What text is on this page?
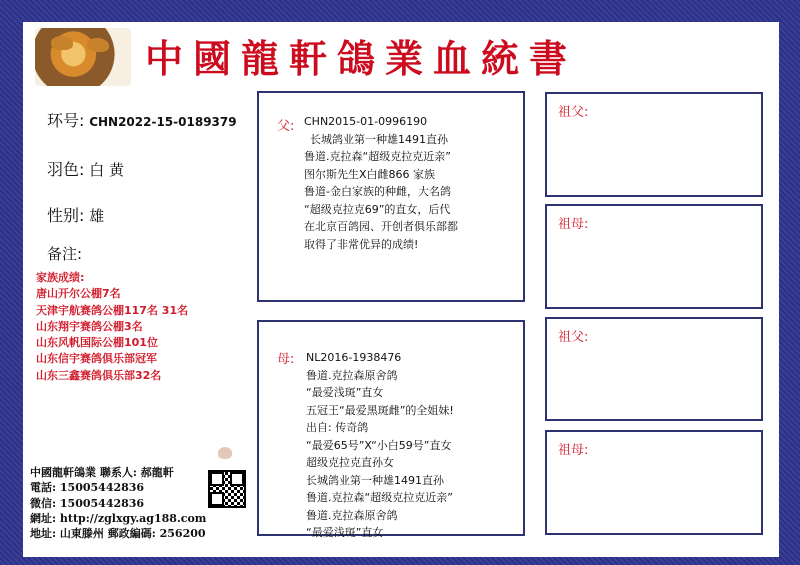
中國龍軒鴿業血統書
环号: CHN2022-15-0189379
羽色: 白 黄
性别: 雄
备注:
家族成绩:
唐山开尔公棚7名
天津宇航赛鸽公棚117名 31名
山东翔宇赛鸽公棚3名
山东风帆国际公棚101位
山东信宇赛鸽俱乐部冠军
山东三鑫赛鸽俱乐部32名
父: CHN2015-01-0996190
长城鸽业第一种雄1491直孙
鲁道.克拉森“超级克拉克近亲”
图尔斯先生X白雌866 家族
鲁道-金白家族的种雌，大名鸽
“超级克拉克69”的直女，后代
在北京百鸽园、开创者俱乐部都
取得了非常优异的成绩!
母: NL2016-1938476
鲁道.克拉森原舍鸽
“最爱浅斑”直女
五冠王“最爱黑斑雌”的全姐妹!
出自: 传奇鸽
“最爱65号”X“小白59号”直女
超级克拉克直孙女
长城鸽业第一种雄1491直孙
鲁道.克拉森“超级克拉克近亲”
鲁道.克拉森原舍鸽
“最爱浅斑”直女
祖父:
祖母:
祖父:
祖母:
中國龍軒鴿業 聯系人: 郝龍軒
電話: 15005442836
微信: 15005442836
網址: http://zglxgy.ag188.com
地址: 山東滕州 郵政編碼: 256200
